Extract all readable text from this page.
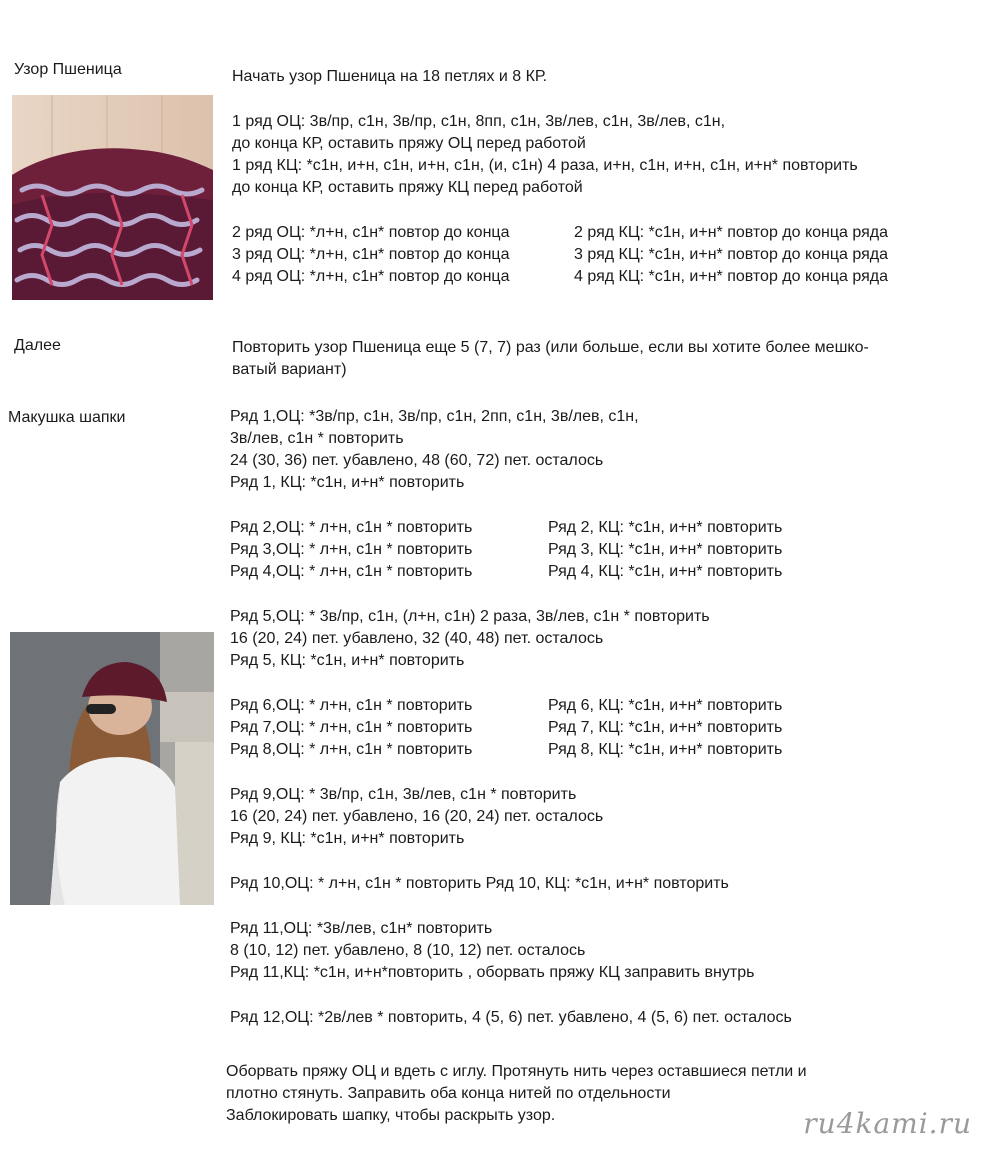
Узор Пшеница
Далее
Макушка шапки
Начать узор Пшеница на 18 петлях и 8 КР.
1 ряд ОЦ: 3в/пр, с1н, 3в/пр, с1н, 8пп, с1н, 3в/лев, с1н, 3в/лев, с1н,
до конца КР, оставить пряжу ОЦ перед работой
1 ряд КЦ: *с1н, и+н, с1н, и+н, с1н, (и, с1н) 4 раза, и+н, с1н, и+н, с1н, и+н* повторить
до конца КР, оставить пряжу КЦ перед работой
2 ряд ОЦ: *л+н, с1н* повтор до конца
3 ряд ОЦ: *л+н, с1н* повтор до конца
4 ряд ОЦ: *л+н, с1н* повтор до конца
2 ряд КЦ: *с1н, и+н* повтор до конца ряда
3 ряд КЦ: *с1н, и+н* повтор до конца ряда
4 ряд КЦ: *с1н, и+н* повтор до конца ряда
Повторить узор Пшеница еще 5 (7, 7) раз (или больше, если вы хотите более мешко-
ватый вариант)
Ряд 1,ОЦ: *3в/пр, с1н, 3в/пр, с1н, 2пп, с1н, 3в/лев, с1н,
3в/лев, с1н * повторить
24 (30, 36) пет. убавлено, 48 (60, 72) пет. осталось
Ряд 1, КЦ: *с1н, и+н* повторить
Ряд 2,ОЦ: * л+н, с1н * повторить
Ряд 3,ОЦ: * л+н, с1н * повторить
Ряд 4,ОЦ: * л+н, с1н * повторить
Ряд 2, КЦ: *с1н, и+н* повторить
Ряд 3, КЦ: *с1н, и+н* повторить
Ряд 4, КЦ: *с1н, и+н* повторить
Ряд 5,ОЦ: * 3в/пр, с1н, (л+н, с1н) 2 раза, 3в/лев, с1н * повторить
16 (20, 24) пет. убавлено, 32 (40, 48) пет. осталось
Ряд 5, КЦ: *с1н, и+н* повторить
Ряд 6,ОЦ: * л+н, с1н * повторить
Ряд 7,ОЦ: * л+н, с1н * повторить
Ряд 8,ОЦ: * л+н, с1н * повторить
Ряд 6, КЦ: *с1н, и+н* повторить
Ряд 7, КЦ: *с1н, и+н* повторить
Ряд 8, КЦ: *с1н, и+н* повторить
Ряд 9,ОЦ: * 3в/пр, с1н, 3в/лев, с1н * повторить
16 (20, 24) пет. убавлено, 16 (20, 24) пет. осталось
Ряд 9, КЦ: *с1н, и+н* повторить
Ряд 10,ОЦ: * л+н, с1н * повторить Ряд 10, КЦ: *с1н, и+н* повторить
Ряд 11,ОЦ: *3в/лев, с1н* повторить
8 (10, 12) пет. убавлено, 8 (10, 12) пет. осталось
Ряд 11,КЦ: *с1н, и+н*повторить , оборвать пряжу КЦ заправить внутрь
Ряд 12,ОЦ: *2в/лев * повторить, 4 (5, 6) пет. убавлено, 4 (5, 6) пет. осталось
Оборвать пряжу ОЦ и вдеть с иглу. Протянуть нить через оставшиеся петли и
плотно стянуть. Заправить оба конца нитей по отдельности
Заблокировать шапку, чтобы раскрыть узор.	ru4kami.ru
